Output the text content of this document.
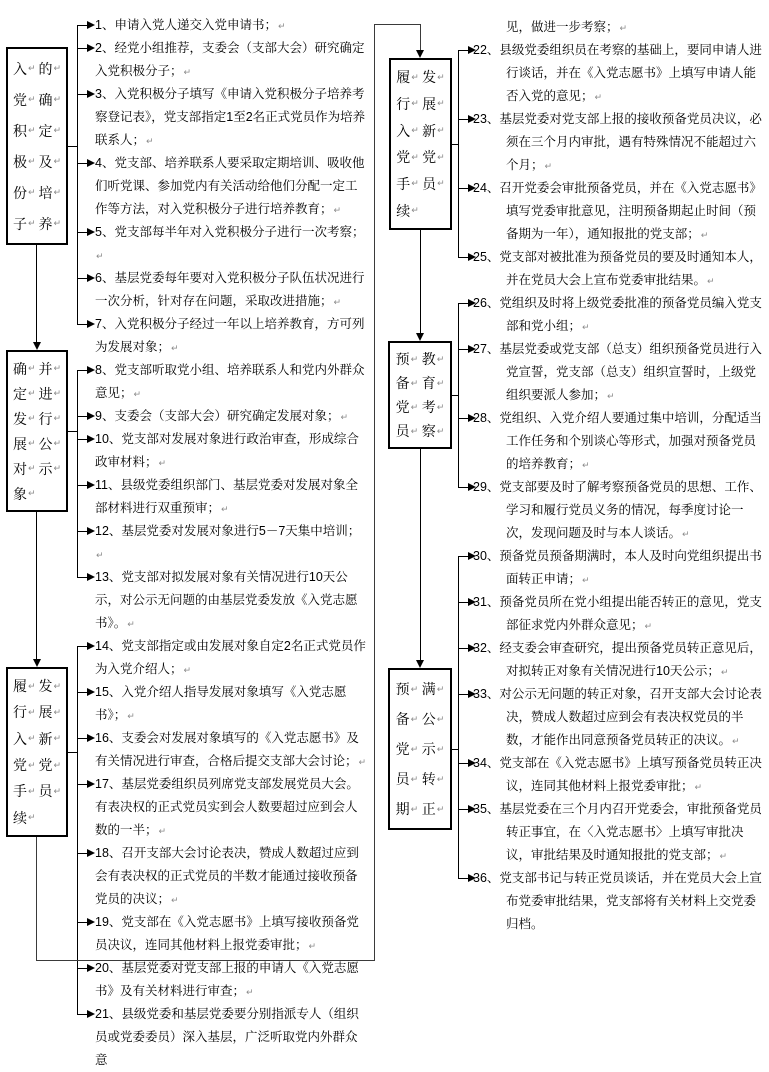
1、申请入党人递交入党申请书；↵
2、经党小组推荐，支委会（支部大会）研究确定入党积极分子；↵
3、入党积极分子填写《申请入党积极分子培养考察登记表》，党支部指定1至2名正式党员作为培养联系人；↵
4、党支部、培养联系人要采取定期培训、吸收他们听党课、参加党内有关活动给他们分配一定工作等方法，对入党积极分子进行培养教育；↵
5、党支部每半年对入党积极分子进行一次考察；↵
6、基层党委每年要对入党积极分子队伍状况进行一次分析，针对存在问题，采取改进措施；↵
7、入党积极分子经过一年以上培养教育，方可列为发展对象；↵
8、党支部听取党小组、培养联系人和党内外群众意见；↵
9、支委会（支部大会）研究确定发展对象；↵
10、党支部对发展对象进行政治审查，形成综合政审材料；↵
11、县级党委组织部门、基层党委对发展对象全部材料进行双重预审；↵
12、基层党委对发展对象进行5－7天集中培训；↵
13、党支部对拟发展对象有关情况进行10天公示，对公示无问题的由基层党委发放《入党志愿书》。↵
14、党支部指定或由发展对象自定2名正式党员作为入党介绍人；↵
15、入党介绍人指导发展对象填写《入党志愿书》；↵
16、支委会对发展对象填写的《入党志愿书》及有关情况进行审查，合格后提交支部大会讨论；↵
17、基层党委组织员列席党支部发展党员大会。有表决权的正式党员实到会人数要超过应到会人数的一半；↵
18、召开支部大会讨论表决，赞成人数超过应到会有表决权的正式党员的半数才能通过接收预备党员的决议；↵
19、党支部在《入党志愿书》上填写接收预备党员决议，连同其他材料上报党委审批；↵
20、基层党委对党支部上报的申请人《入党志愿书》及有关材料进行审查；↵
21、县级党委和基层党委要分别指派专人（组织员或党委委员）深入基层，广泛听取党内外群众意
见，做进一步考察；↵
22、县级党委组织员在考察的基础上，要同申请人进行谈话，并在《入党志愿书》上填写申请人能否入党的意见；↵
23、基层党委对党支部上报的接收预备党员决议，必须在三个月内审批，遇有特殊情况不能超过六个月；↵
24、召开党委会审批预备党员，并在《入党志愿书》填写党委审批意见，注明预备期起止时间（预备期为一年），通知报批的党支部；↵
25、党支部对被批准为预备党员的要及时通知本人，并在党员大会上宣布党委审批结果。↵
26、党组织及时将上级党委批准的预备党员编入党支部和党小组；↵
27、基层党委或党支部（总支）组织预备党员进行入党宣誓，党支部（总支）组织宣誓时，上级党组织要派人参加；↵
28、党组织、入党介绍人要通过集中培训，分配适当工作任务和个别谈心等形式，加强对预备党员的培养教育；↵
29、党支部要及时了解考察预备党员的思想、工作、学习和履行党员义务的情况，每季度讨论一次，发现问题及时与本人谈话。↵
30、预备党员预备期满时，本人及时向党组织提出书面转正申请；↵
31、预备党员所在党小组提出能否转正的意见，党支部征求党内外群众意见；↵
32、经支委会审查研究，提出预备党员转正意见后，对拟转正对象有关情况进行10天公示；↵
33、对公示无问题的转正对象，召开支部大会讨论表决，赞成人数超过应到会有表决权党员的半数，才能作出同意预备党员转正的决议。↵
34、党支部在《入党志愿书》上填写预备党员转正决议，连同其他材料上报党委审批；↵
35、基层党委在三个月内召开党委会，审批预备党员转正事宜，在〈入党志愿书〉上填写审批决议，审批结果及时通知报批的党支部；↵
36、党支部书记与转正党员谈话，并在党员大会上宣布党委审批结果，党支部将有关材料上交党委归档。
入 ↵
党 ↵
积 ↵
极 ↵
份 ↵
子 ↵
的 ↵
确 ↵
定 ↵
及 ↵
培 ↵
养 ↵
确 ↵
定 ↵
发 ↵
展 ↵
对 ↵
象 ↵
并 ↵
进 ↵
行 ↵
公 ↵
示 ↵
履 ↵
行 ↵
入 ↵
党 ↵
手 ↵
续 ↵
发 ↵
展 ↵
新 ↵
党 ↵
员 ↵
履 ↵
行 ↵
入 ↵
党 ↵
手 ↵
续 ↵
发 ↵
展 ↵
新 ↵
党 ↵
员 ↵
预 ↵
备 ↵
党 ↵
员 ↵
教 ↵
育 ↵
考 ↵
察 ↵
预 ↵
备 ↵
党 ↵
员 ↵
期 ↵
满 ↵
公 ↵
示 ↵
转 ↵
正 ↵
